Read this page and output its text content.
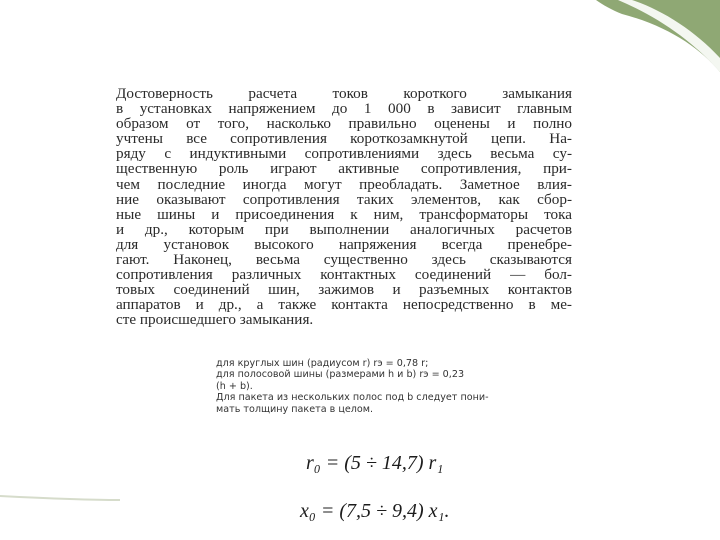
Достоверность расчета токов короткого замыкания
в установках напряжением до 1 000 в зависит главным
образом от того, насколько правильно оценены и полно
учтены все сопротивления короткозамкнутой цепи. На-
ряду с индуктивными сопротивлениями здесь весьма су-
щественную роль играют активные сопротивления, при-
чем последние иногда могут преобладать. Заметное влия-
ние оказывают сопротивления таких элементов, как сбор-
ные шины и присоединения к ним, трансформаторы тока
и др., которым при выполнении аналогичных расчетов
для установок высокого напряжения всегда пренебре-
гают. Наконец, весьма существенно здесь сказываются
сопротивления различных контактных соединений — бол-
товых соединений шин, зажимов и разъемных контактов
аппаратов и др., а также контакта непосредственно в ме-
сте происшедшего замыкания.
для круглых шин (радиусом r) rэ = 0,78 r;
для полосовой шины (размерами h и b) rэ = 0,23
(h + b).
Для пакета из нескольких полос под b следует пони-
мать толщину пакета в целом.
r₀ = (5 ÷ 14,7) r₁
x₀ = (7,5 ÷ 9,4) x₁.
